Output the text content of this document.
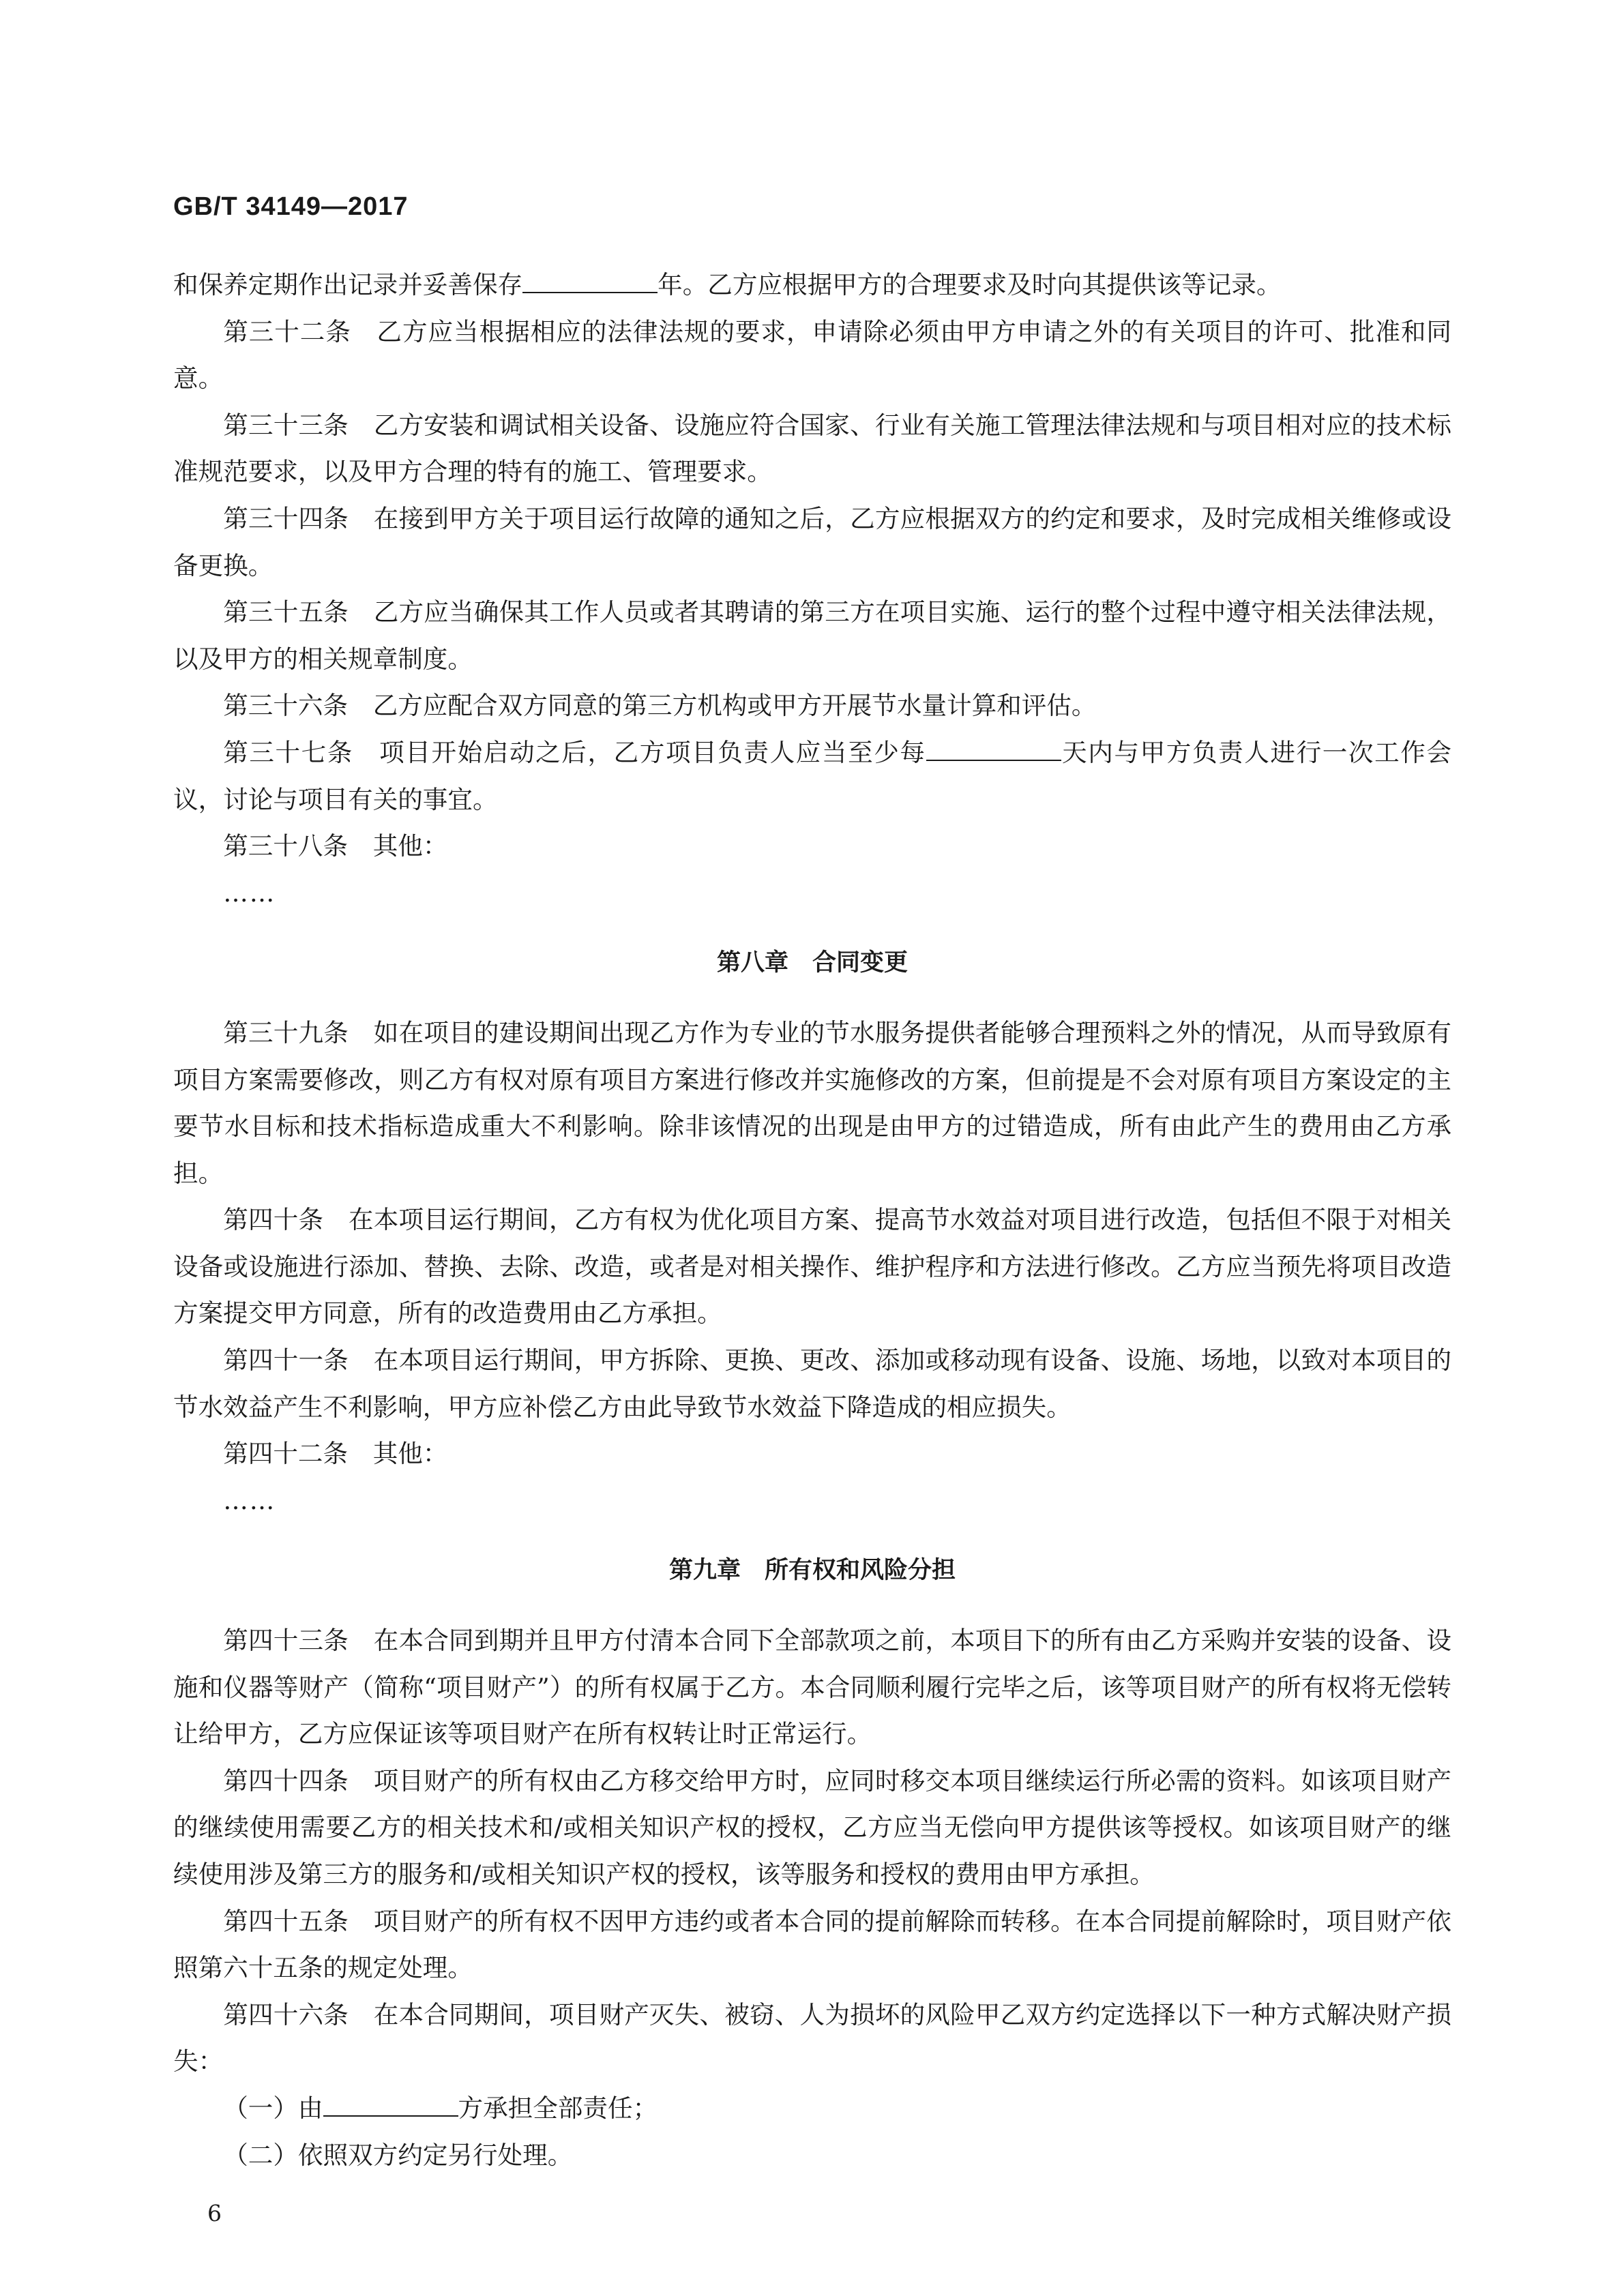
GB/T 34149—2017

和保养定期作出记录并妥善保存	年。乙方应根据甲方的合理要求及时向其提供该等记录。

第三十二条 乙方应当根据相应的法律法规的要求，申请除必须由甲方申请之外的有关项目的许可、批准和同意。

第三十三条 乙方安装和调试相关设备、设施应符合国家、行业有关施工管理法律法规和与项目相对应的技术标准规范要求，以及甲方合理的特有的施工、管理要求。

第三十四条 在接到甲方关于项目运行故障的通知之后，乙方应根据双方的约定和要求，及时完成相关维修或设备更换。

第三十五条 乙方应当确保其工作人员或者其聘请的第三方在项目实施、运行的整个过程中遵守相关法律法规，以及甲方的相关规章制度。

第三十六条 乙方应配合双方同意的第三方机构或甲方开展节水量计算和评估。

第三十七条 项目开始启动之后，乙方项目负责人应当至少每	天内与甲方负责人进行一次工作会议，讨论与项目有关的事宜。

第三十八条 其他：

……

第八章 合同变更

第三十九条 如在项目的建设期间出现乙方作为专业的节水服务提供者能够合理预料之外的情况，从而导致原有项目方案需要修改，则乙方有权对原有项目方案进行修改并实施修改的方案，但前提是不会对原有项目方案设定的主要节水目标和技术指标造成重大不利影响。除非该情况的出现是由甲方的过错造成，所有由此产生的费用由乙方承担。

第四十条 在本项目运行期间，乙方有权为优化项目方案、提高节水效益对项目进行改造，包括但不限于对相关设备或设施进行添加、替换、去除、改造，或者是对相关操作、维护程序和方法进行修改。乙方应当预先将项目改造方案提交甲方同意，所有的改造费用由乙方承担。

第四十一条 在本项目运行期间，甲方拆除、更换、更改、添加或移动现有设备、设施、场地，以致对本项目的节水效益产生不利影响，甲方应补偿乙方由此导致节水效益下降造成的相应损失。

第四十二条 其他：

……

第九章 所有权和风险分担

第四十三条 在本合同到期并且甲方付清本合同下全部款项之前，本项目下的所有由乙方采购并安装的设备、设施和仪器等财产（简称“项目财产”）的所有权属于乙方。本合同顺利履行完毕之后，该等项目财产的所有权将无偿转让给甲方，乙方应保证该等项目财产在所有权转让时正常运行。

第四十四条 项目财产的所有权由乙方移交给甲方时，应同时移交本项目继续运行所必需的资料。如该项目财产的继续使用需要乙方的相关技术和/或相关知识产权的授权，乙方应当无偿向甲方提供该等授权。如该项目财产的继续使用涉及第三方的服务和/或相关知识产权的授权，该等服务和授权的费用由甲方承担。

第四十五条 项目财产的所有权不因甲方违约或者本合同的提前解除而转移。在本合同提前解除时，项目财产依照第六十五条的规定处理。

第四十六条 在本合同期间，项目财产灭失、被窃、人为损坏的风险甲乙双方约定选择以下一种方式解决财产损失：

（一）由	方承担全部责任；

（二）依照双方约定另行处理。

6
